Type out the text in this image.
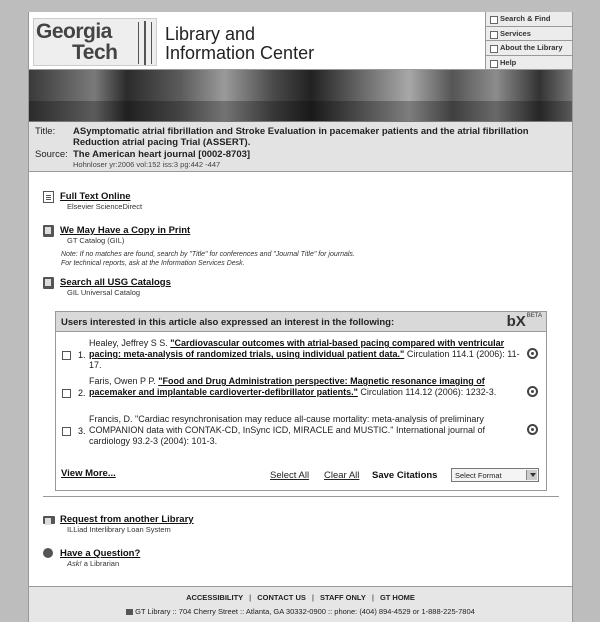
Georgia
Tech
Library and
Information Center
Search & Find
Services
About the Library
Help
Title:	ASymptomatic atrial fibrillation and Stroke Evaluation in pacemaker patients and the atrial fibrillation Reduction atrial pacing Trial (ASSERT).
Source: The American heart journal [0002-8703]
Hohnloser yr:2006 vol:152 iss:3 pg:442 -447
Full Text Online
Elsevier ScienceDirect
We May Have a Copy in Print
GT Catalog (GIL)
Note: If no matches are found, search by "Title" for conferences and "Journal Title" for journals.
For technical reports, ask at the Information Services Desk.
Search all USG Catalogs
GIL Universal Catalog
Users interested in this article also expressed an interest in the following:	$bX^{BETA}$
1.
Healey, Jeffrey S S. "Cardiovascular outcomes with atrial-based pacing compared with ventricular pacing: meta-analysis of randomized trials, using individual patient data." Circulation 114.1 (2006): 11-17.
2.
Faris, Owen P P. "Food and Drug Administration perspective: Magnetic resonance imaging of pacemaker and implantable cardioverter-defibrillator patients." Circulation 114.12 (2006): 1232-3.
3.
Francis, D. "Cardiac resynchronisation may reduce all-cause mortality: meta-analysis of preliminary COMPANION data with CONTAK-CD, InSync ICD, MIRACLE and MUSTIC." International journal of cardiology 93.2-3 (2004): 101-3.
View More...	Select All Clear All Save Citations	Select Format
Request from another Library
ILLiad Interlibrary Loan System
Have a Question?
Ask! a Librarian
ACCESSIBILITY | CONTACT US | STAFF ONLY | GT HOME
GT Library :: 704 Cherry Street :: Atlanta, GA 30332-0900 :: phone: (404) 894-4529 or 1-888-225-7804
